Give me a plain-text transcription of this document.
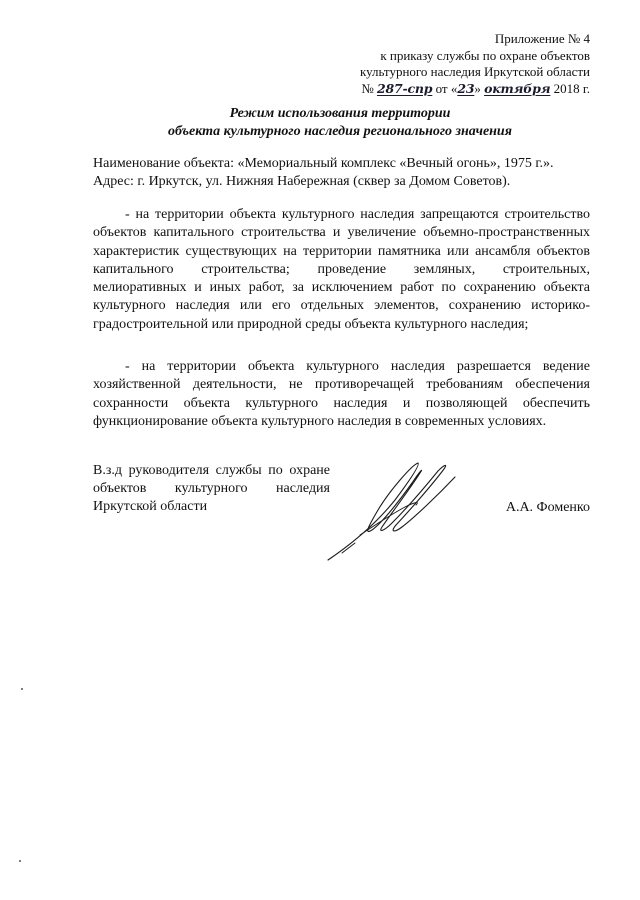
Приложение № 4
к приказу службы по охране объектов
культурного наследия Иркутской области
№ 287-спр от «23» октября 2018 г.
Режим использования территории
объекта культурного наследия регионального значения
Наименование объекта: «Мемориальный комплекс «Вечный огонь», 1975 г.».
Адрес: г. Иркутск, ул. Нижняя Набережная (сквер за Домом Советов).
- на территории объекта культурного наследия запрещаются строительство объектов капитального строительства и увеличение объемно-пространственных характеристик существующих на территории памятника или ансамбля объектов капитального строительства; проведение земляных, строительных, мелиоративных и иных работ, за исключением работ по сохранению объекта культурного наследия или его отдельных элементов, сохранению историко-градостроительной или природной среды объекта культурного наследия;
- на территории объекта культурного наследия разрешается ведение хозяйственной деятельности, не противоречащей требованиям обеспечения сохранности объекта культурного наследия и позволяющей обеспечить функционирование объекта культурного наследия в современных условиях.
В.з.д руководителя службы по охране объектов культурного наследия Иркутской области	А.А. Фоменко
